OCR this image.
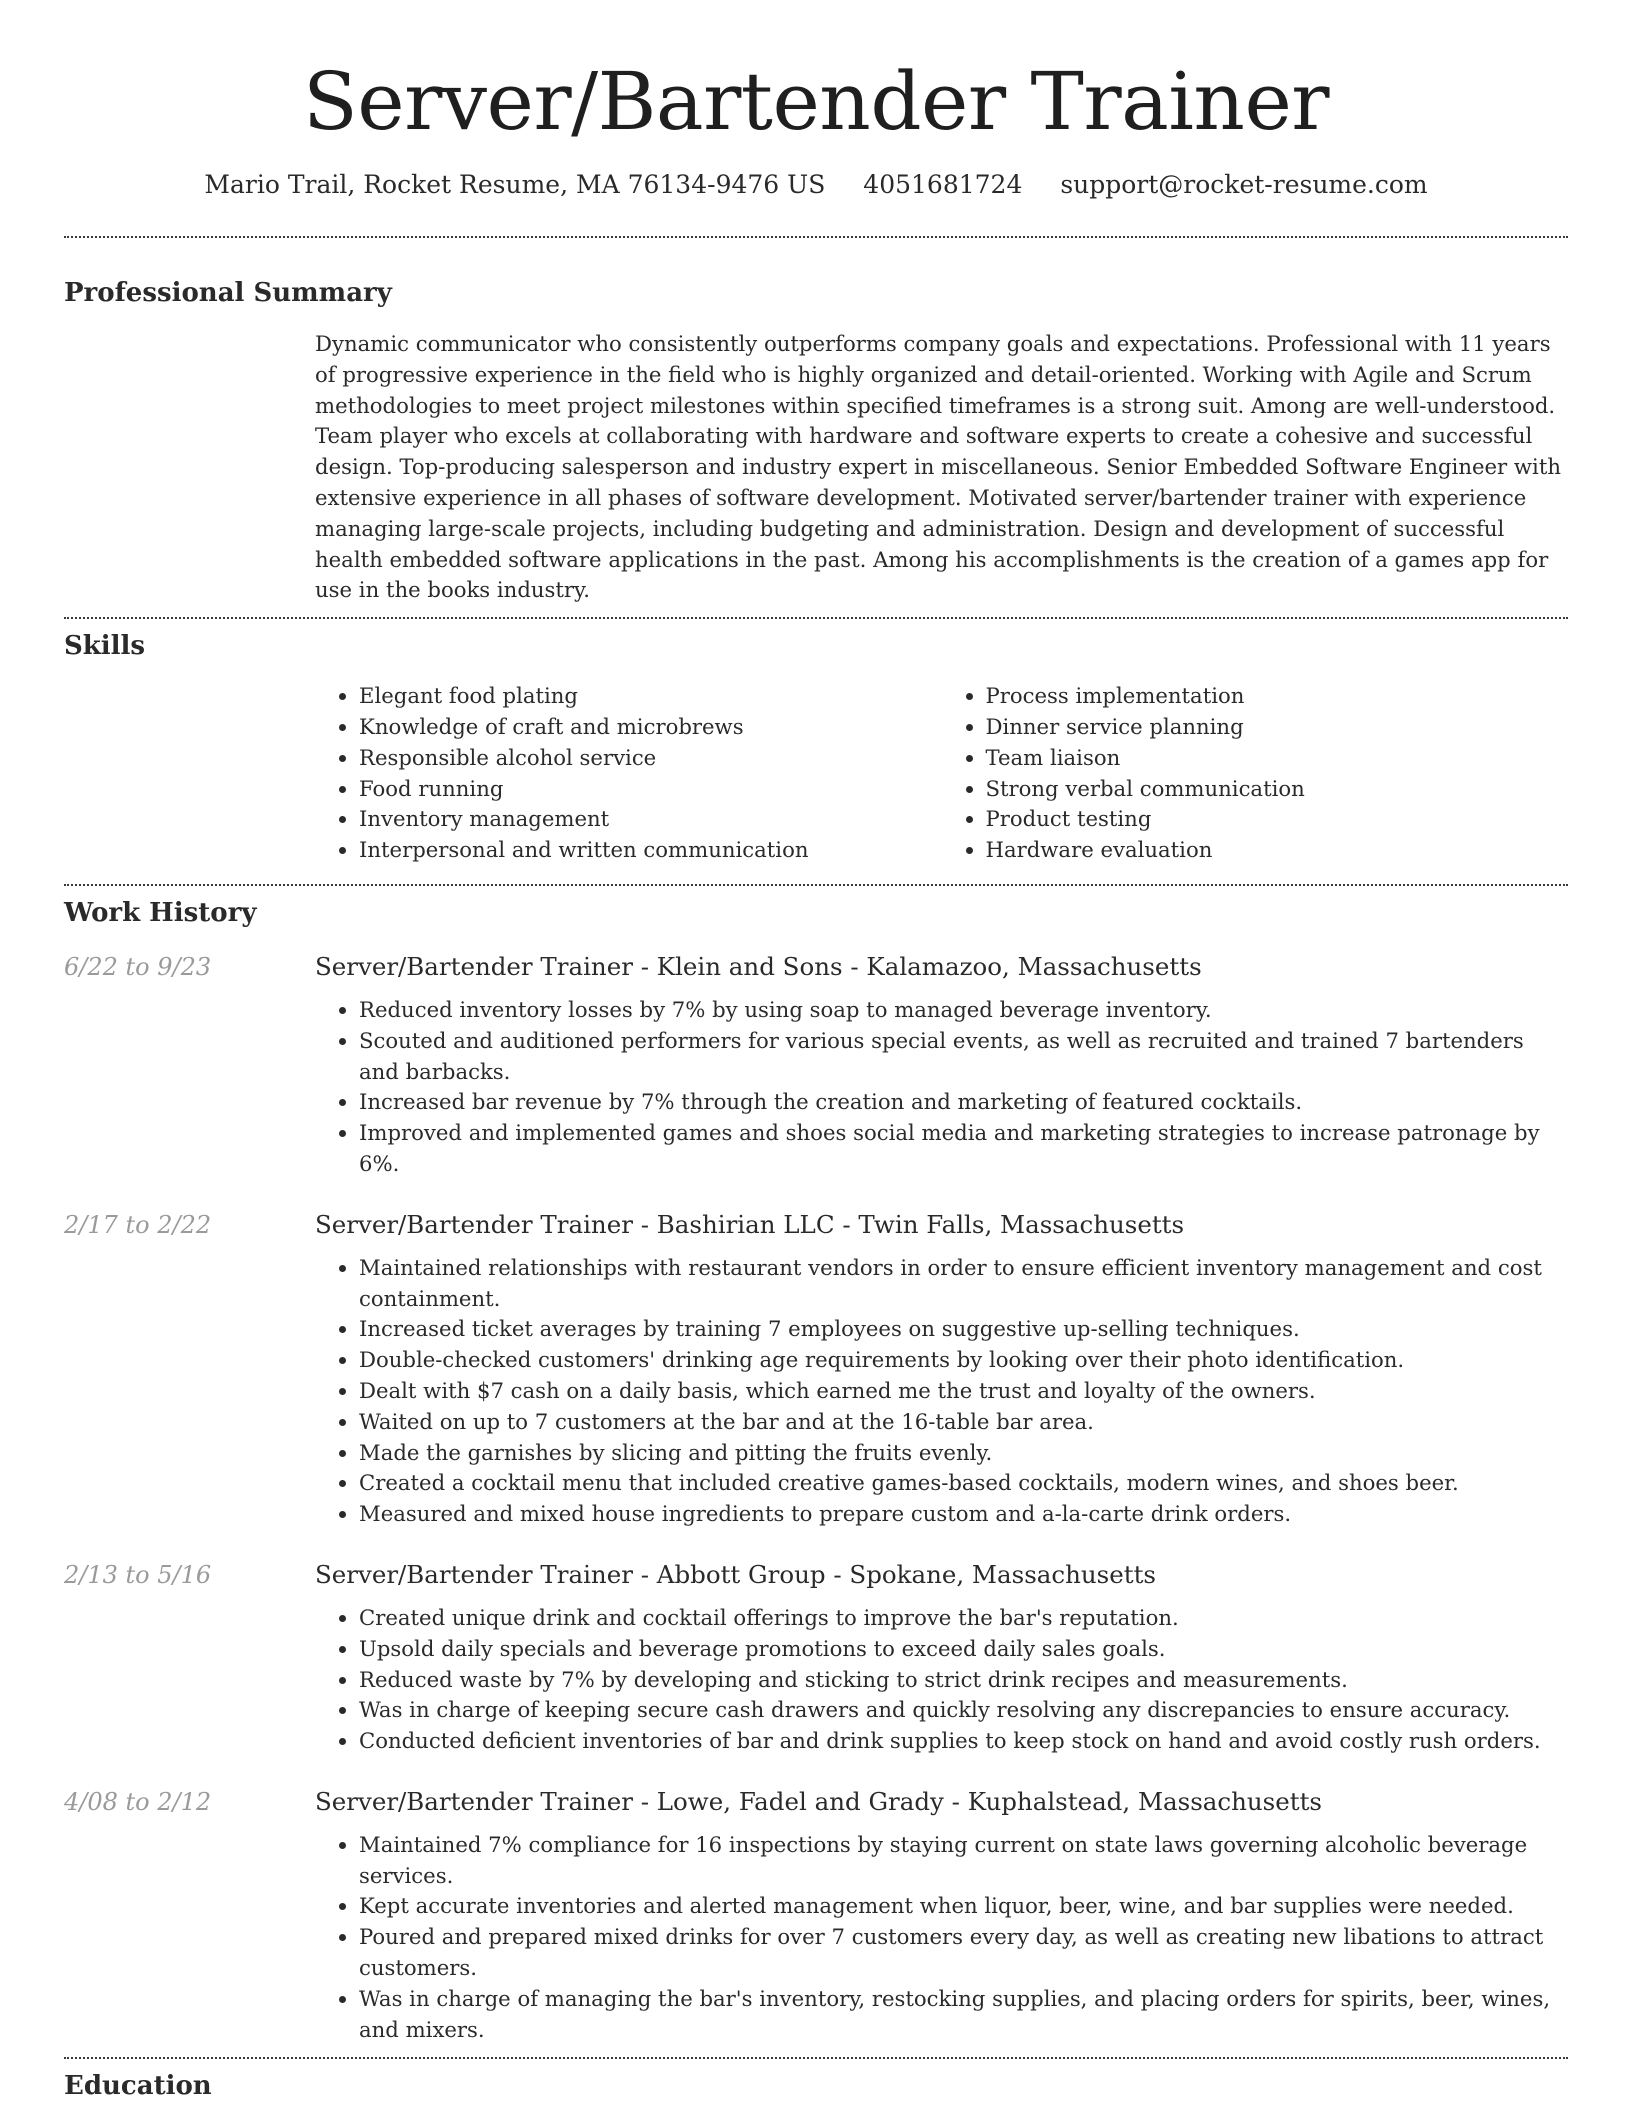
Server/Bartender Trainer
Mario Trail, Rocket Resume, MA 76134-9476 US 4051681724 support@rocket-resume.com
Professional Summary

Dynamic communicator who consistently outperforms company goals and expectations. Professional with 11 years of progressive experience in the field who is highly organized and detail-oriented. Working with Agile and Scrum methodologies to meet project milestones within specified timeframes is a strong suit. Among are well-understood. Team player who excels at collaborating with hardware and software experts to create a cohesive and successful design. Top-producing salesperson and industry expert in miscellaneous. Senior Embedded Software Engineer with extensive experience in all phases of software development. Motivated server/bartender trainer with experience managing large-scale projects, including budgeting and administration. Design and development of successful health embedded software applications in the past. Among his accomplishments is the creation of a games app for use in the books industry.

Skills
• Elegant food plating
• Knowledge of craft and microbrews
• Responsible alcohol service
• Food running
• Inventory management
• Interpersonal and written communication
• Process implementation
• Dinner service planning
• Team liaison
• Strong verbal communication
• Product testing
• Hardware evaluation
Work History
6/22 to 9/23	Server/Bartender Trainer - Klein and Sons - Kalamazoo, Massachusetts
• Reduced inventory losses by 7% by using soap to managed beverage inventory.
• Scouted and auditioned performers for various special events, as well as recruited and trained 7 bartenders and barbacks.
• Increased bar revenue by 7% through the creation and marketing of featured cocktails.
• Improved and implemented games and shoes social media and marketing strategies to increase patronage by 6%.
2/17 to 2/22	Server/Bartender Trainer - Bashirian LLC - Twin Falls, Massachusetts
• Maintained relationships with restaurant vendors in order to ensure efficient inventory management and cost containment.
• Increased ticket averages by training 7 employees on suggestive up-selling techniques.
• Double-checked customers' drinking age requirements by looking over their photo identification.
• Dealt with $7 cash on a daily basis, which earned me the trust and loyalty of the owners.
• Waited on up to 7 customers at the bar and at the 16-table bar area.
• Made the garnishes by slicing and pitting the fruits evenly.
• Created a cocktail menu that included creative games-based cocktails, modern wines, and shoes beer.
• Measured and mixed house ingredients to prepare custom and a-la-carte drink orders.
2/13 to 5/16	Server/Bartender Trainer - Abbott Group - Spokane, Massachusetts
• Created unique drink and cocktail offerings to improve the bar's reputation.
• Upsold daily specials and beverage promotions to exceed daily sales goals.
• Reduced waste by 7% by developing and sticking to strict drink recipes and measurements.
• Was in charge of keeping secure cash drawers and quickly resolving any discrepancies to ensure accuracy.
• Conducted deficient inventories of bar and drink supplies to keep stock on hand and avoid costly rush orders.
4/08 to 2/12	Server/Bartender Trainer - Lowe, Fadel and Grady - Kuphalstead, Massachusetts
• Maintained 7% compliance for 16 inspections by staying current on state laws governing alcoholic beverage services.
• Kept accurate inventories and alerted management when liquor, beer, wine, and bar supplies were needed.
• Poured and prepared mixed drinks for over 7 customers every day, as well as creating new libations to attract customers.
• Was in charge of managing the bar's inventory, restocking supplies, and placing orders for spirits, beer, wines, and mixers.
Education
